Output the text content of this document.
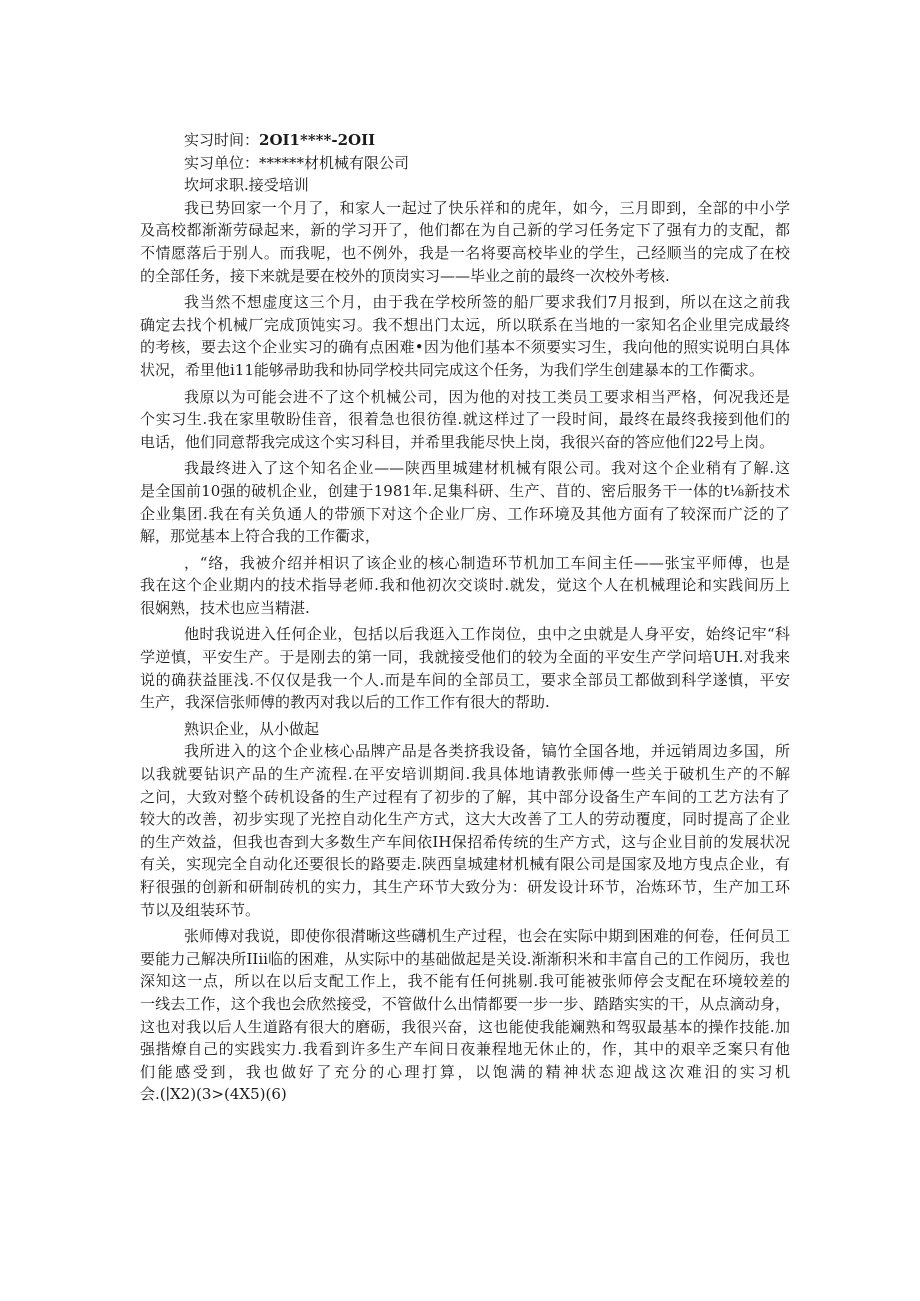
实习时间：2OI1****-2OII
实习单位：******材机械有限公司
坎坷求职.接受培训
我已势回家一个月了，和家人一起过了快乐祥和的虎年，如今，三月即到，全部的中小学
及高校都渐渐劳碌起来，新的学习开了，他们都在为自己新的学习任务定下了强有力的支配，都
不情愿落后于别人。而我呢，也不例外，我是一名将要高校毕业的学生，己经顺当的完成了在校
的全部任务，接下来就是要在校外的顶岗实习——毕业之前的最终一次校外考核.
我当然不想虚度这三个月，由于我在学校所签的船厂要求我们7月报到，所以在这之前我
确定去找个机械厂完成顶饨实习。我不想出门太远，所以联系在当地的一家知名企业里完成最终
的考核，要去这个企业实习的确有点困难•因为他们基本不须要实习生，我向他的照实说明白具体
状况，希里他i11能够帚助我和协同学校共同完成这个任务，为我们学生创建暴本的工作衢求。
我原以为可能会进不了这个机械公司，因为他的对技工类员工要求相当严格，何况我还是
个实习生.我在家里敬盼佳音，很着急也很彷徨.就这样过了一段时间，最终在最终我接到他们的
电话，他们同意帮我完成这个实习科目，并希里我能尽快上岗，我很兴奋的答应他们22号上岗。
我最终进入了这个知名企业——陕西里城建材机械有限公司。我对这个企业稍有了解.这
是全国前10强的破机企业，创建于1981年.足集科研、生产、苜的、密后服务干一体的t⅛新技术
企业集团.我在有关负通人的带颁下对这个企业厂房、工作环境及其他方面有了较深而广泛的了
解，那觉基本上符合我的工作衢求，
，“络，我被介绍并相识了该企业的核心制造环节机加工车间主任——张宝平师傅，也是
我在这个企业期内的技术指导老师.我和他初次交谈时.就发，觉这个人在机械理论和实践间历上
很娴熟，技术也应当精湛.
他时我说进入任何企业，包括以后我逛入工作岗位，虫中之虫就是人身平安，始终记牢“科
学逆慎，平安生产。于是刚去的第一同，我就接受他们的较为全面的平安生产学问培UH.对我来
说的确获益匪浅.不仅仅是我一个人.而是车间的全部员工，要求全部员工都做到科学遂慎，平安
生产，我深信张师傅的教丙对我以后的工作工作有很大的帮助.
熟识企业，从小做起
我所进入的这个企业核心品牌产品是各类挤我设备，镐竹全国各地，并远销周边多国，所
以我就要钻识产品的生产流程.在平安培训期间.我具体地请教张师傅一些关于破机生产的不解
之问，大致对整个砖机设备的生产过程有了初步的了解，其中部分设备生产车间的工艺方法有了
较大的改善，初步实现了光控自动化生产方式，这大大改善了工人的劳动覆度，同时提高了企业
的生产效益，但我也杳到大多数生产车间依IH保招希传统的生产方式，这与企业目前的发展状况
有关，实现完全自动化还要很长的路要走.陕西皇城建材机械有限公司是国家及地方曳点企业，有
籽很强的创新和研制砖机的实力，其生产环节大致分为：研发设计环节，冶炼环节，生产加工环
节以及组装环节。
张师傅对我说，即使你很潸晰这些礴机生产过程，也会在实际中期到困难的何卷，任何员工
要能力己解决所IIii临的困难，从实际中的基础做起是关设.渐渐积米和丰富自己的工作阅历，我也
深知这一点，所以在以后支配工作上，我不能有任何挑剔.我可能被张师停会支配在环境较差的
一线去工作，这个我也会欣然接受，不管做什么出情都要一步一步、踏踏实实的干，从点滴动身，
这也对我以后人生道路有很大的磨砺，我很兴奋，这也能使我能斓熟和驾驭最基本的操作技能.加
强揩燎自己的实践实力.我看到许多生产车间日夜兼程地无休止的，作，其中的艰辛乏案只有他
们能感受到，我也做好了充分的心理打算，以饱满的精神状态迎战这次难汨的实习机
会.(∣X2)(3>(4X5)(6)
